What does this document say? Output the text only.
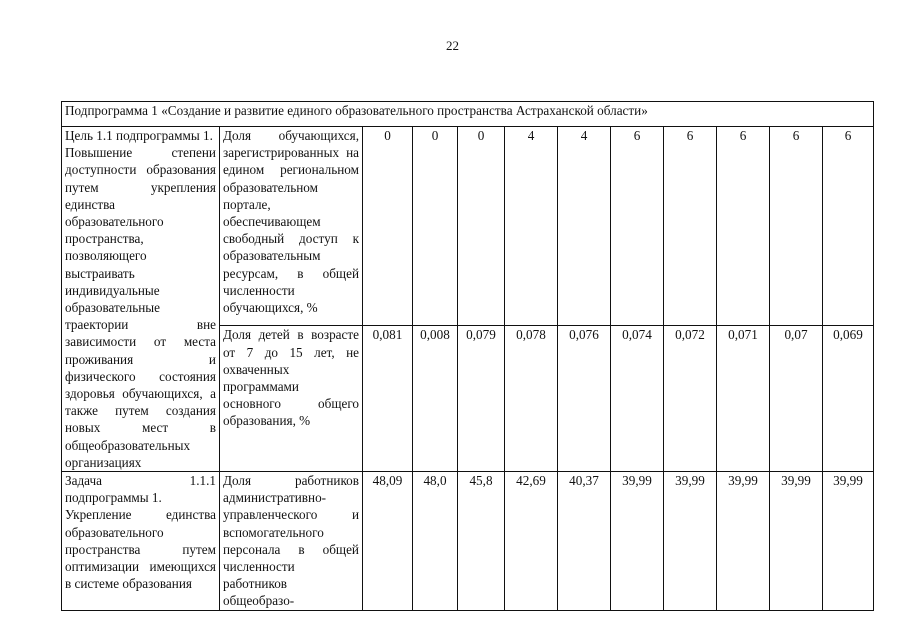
22
Подпрограмма 1 «Создание и развитие единого образовательного пространства Астраханской области»											
Цель 1.1 подпрограммы 1.
Повышение степени доступности образования путем укрепления единства образовательного пространства, позволяющего выстраивать индивидуальные образовательные траектории вне зависимости от места проживания и физического состояния здоровья обучающихся, а также путем создания новых мест в общеобразовательных организациях	Доля обучающихся, зарегистрированных на едином региональном образовательном портале, обеспечивающем свободный доступ к образовательным ресурсам, в общей численности обучающихся, %	0	0	0	4	4	6	6	6	6	6
	Доля детей в возрасте от 7 до 15 лет, не охваченных программами основного общего образования, %	0,081	0,008	0,079	0,078	0,076	0,074	0,072	0,071	0,07	0,069
Задача 1.1.1 подпрограммы 1.
Укрепление единства образовательного пространства путем оптимизации имеющихся в системе образования	Доля работников административно-управленческого и вспомогательного персонала в общей численности работников общеобразо-	48,09	48,0	45,8	42,69	40,37	39,99	39,99	39,99	39,99	39,99
